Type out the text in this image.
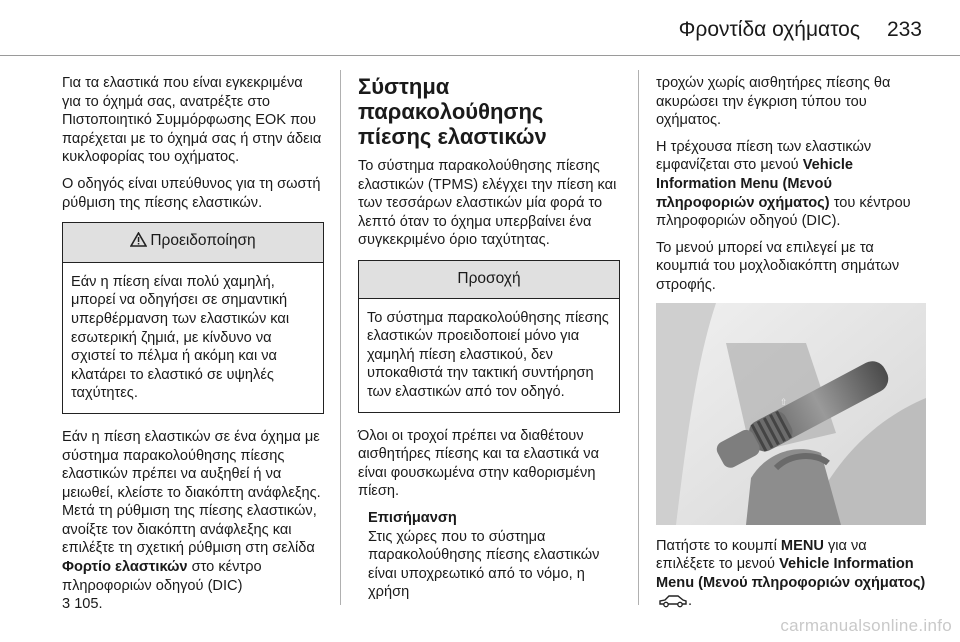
Φροντίδα οχήματος 233

Για τα ελαστικά που είναι εγκεκριμένα για το όχημά σας, ανατρέξτε στο Πιστοποιητικό Συμμόρφωσης ΕΟΚ που παρέχεται με το όχημά σας ή στην άδεια κυκλοφορίας του οχήματος.

Ο οδηγός είναι υπεύθυνος για τη σωστή ρύθμιση της πίεσης ελαστικών.

Προειδοποίηση
Εάν η πίεση είναι πολύ χαμηλή, μπορεί να οδηγήσει σε σημαντική υπερθέρμανση των ελαστικών και εσωτερική ζημιά, με κίνδυνο να σχιστεί το πέλμα ή ακόμη και να κλατάρει το ελαστικό σε υψηλές ταχύτητες.

Εάν η πίεση ελαστικών σε ένα όχημα με σύστημα παρακολούθησης πίεσης ελαστικών πρέπει να αυξηθεί ή να μειωθεί, κλείστε το διακόπτη ανάφλεξης. Μετά τη ρύθμιση της πίεσης ελαστικών, ανοίξτε τον διακόπτη ανάφλεξης και επιλέξτε τη σχετική ρύθμιση στη σελίδα Φορτίο ελαστικών στο κέντρο πληροφοριών οδηγού (DIC)
3 105.

Σύστημα παρακολούθησης πίεσης ελαστικών

Το σύστημα παρακολούθησης πίεσης ελαστικών (TPMS) ελέγχει την πίεση και των τεσσάρων ελαστικών μία φορά το λεπτό όταν το όχημα υπερβαίνει ένα συγκεκριμένο όριο ταχύτητας.

Προσοχή
Το σύστημα παρακολούθησης πίεσης ελαστικών προειδοποιεί μόνο για χαμηλή πίεση ελαστικού, δεν υποκαθιστά την τακτική συντήρηση των ελαστικών από τον οδηγό.

Όλοι οι τροχοί πρέπει να διαθέτουν αισθητήρες πίεσης και τα ελαστικά να είναι φουσκωμένα στην καθορισμένη πίεση.

Επισήμανση
Στις χώρες που το σύστημα παρακολούθησης πίεσης ελαστικών είναι υποχρεωτικό από το νόμο, η χρήση

τροχών χωρίς αισθητήρες πίεσης θα ακυρώσει την έγκριση τύπου του οχήματος.

Η τρέχουσα πίεση των ελαστικών εμφανίζεται στο μενού Vehicle Information Menu (Μενού πληροφοριών οχήματος) του κέντρου πληροφοριών οδηγού (DIC).

Το μενού μπορεί να επιλεγεί με τα κουμπιά του μοχλοδιακόπτη σημάτων στροφής.

⇧

Πατήστε το κουμπί MENU για να επιλέξετε το μενού Vehicle Information Menu (Μενού πληροφοριών οχήματος) .

carmanualsonline.info
